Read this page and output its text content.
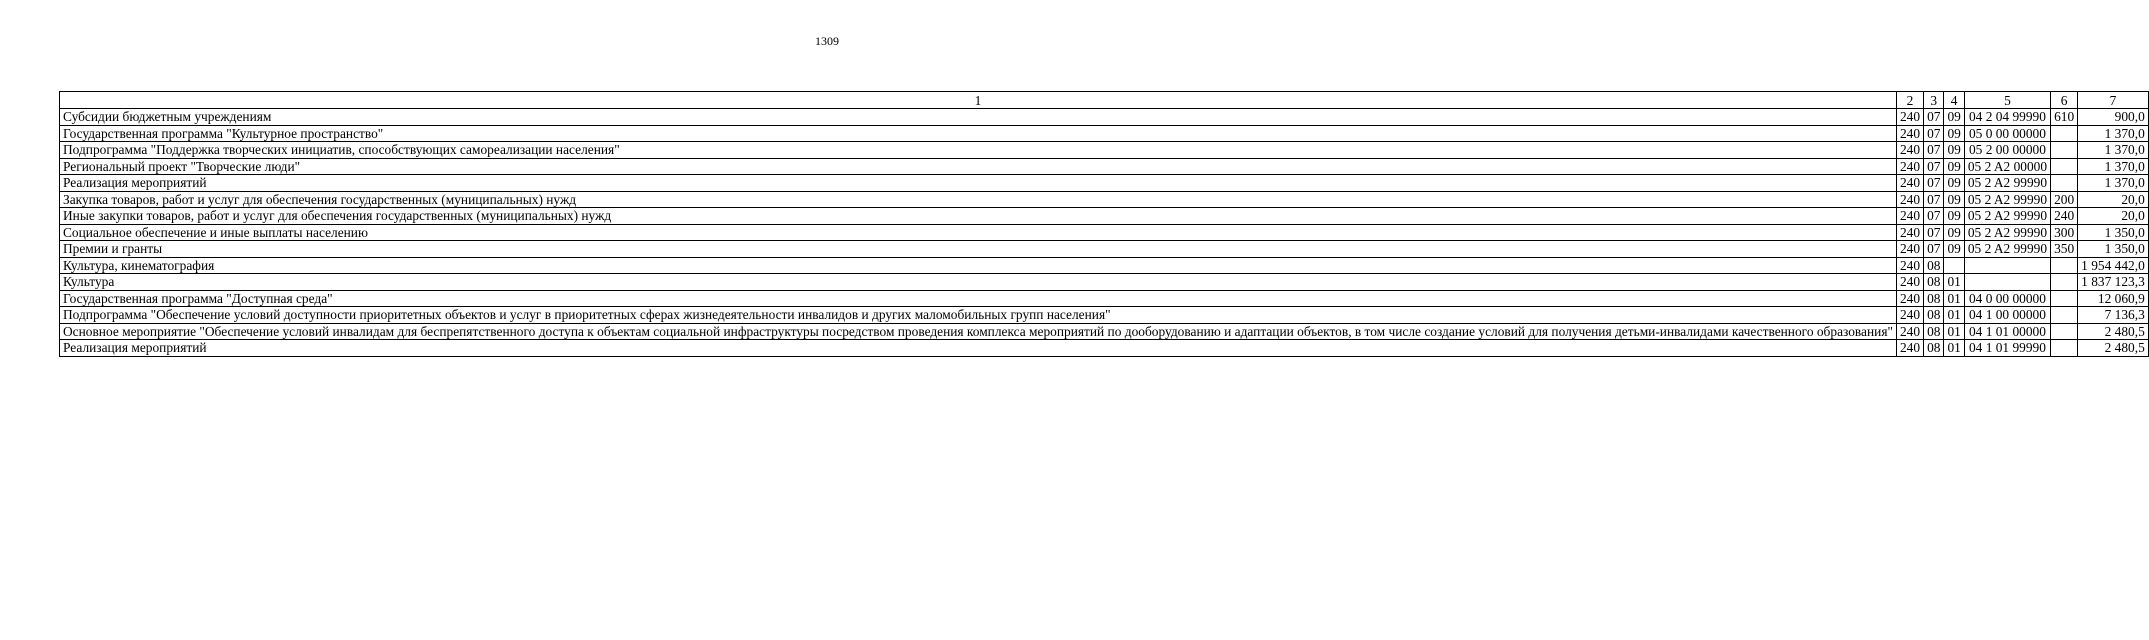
1309
1	2	3	4	5	6	7
Субсидии бюджетным учреждениям	240	07	09	04 2 04 99990	610	900,0
Государственная программа "Культурное пространство"	240	07	09	05 0 00 00000		1 370,0
Подпрограмма "Поддержка творческих инициатив, способствующих самореализации населения"	240	07	09	05 2 00 00000		1 370,0
Региональный проект "Творческие люди"	240	07	09	05 2 A2 00000		1 370,0
Реализация мероприятий	240	07	09	05 2 A2 99990		1 370,0
Закупка товаров, работ и услуг для обеспечения государственных (муниципальных) нужд	240	07	09	05 2 A2 99990	200	20,0
Иные закупки товаров, работ и услуг для обеспечения государственных (муниципальных) нужд	240	07	09	05 2 A2 99990	240	20,0
Социальное обеспечение и иные выплаты населению	240	07	09	05 2 A2 99990	300	1 350,0
Премии и гранты	240	07	09	05 2 A2 99990	350	1 350,0
Культура, кинематография	240	08				1 954 442,0
Культура	240	08	01			1 837 123,3
Государственная программа "Доступная среда"	240	08	01	04 0 00 00000		12 060,9
Подпрограмма "Обеспечение условий доступности приоритетных объектов и услуг в приоритетных сферах жизнедеятельности инвалидов и других маломобильных групп населения"	240	08	01	04 1 00 00000		7 136,3
Основное мероприятие "Обеспечение условий инвалидам для беспрепятственного доступа к объектам социальной инфраструктуры посредством проведения комплекса мероприятий по дооборудованию и адаптации объектов, в том числе создание условий для получения детьми-инвалидами качественного образования"	240	08	01	04 1 01 00000		2 480,5
Реализация мероприятий	240	08	01	04 1 01 99990		2 480,5
